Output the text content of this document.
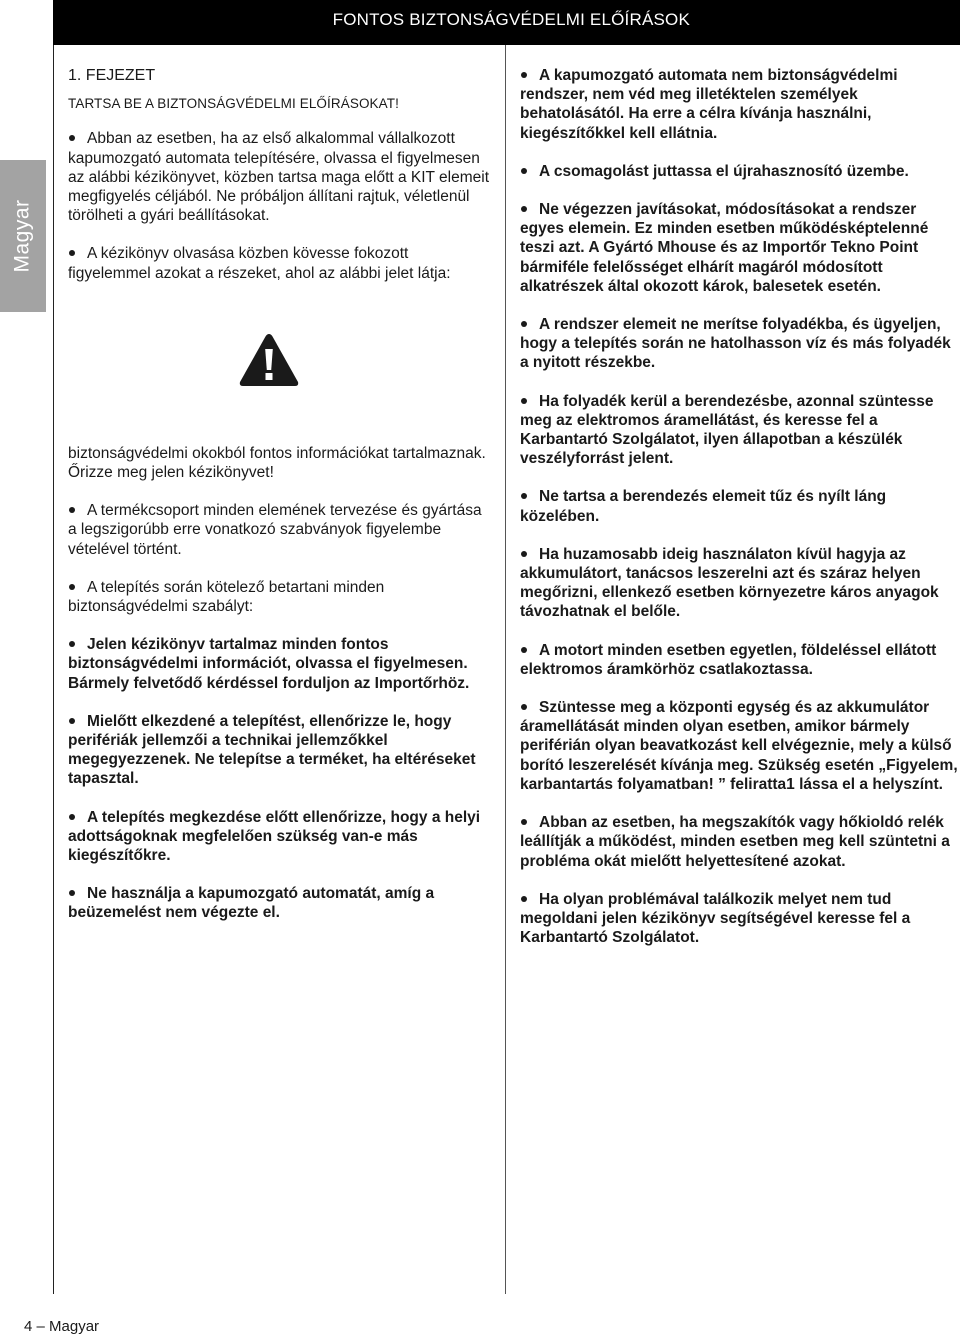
FONTOS BIZTONSÁGVÉDELMI ELŐÍRÁSOK
Magyar
1. FEJEZET
TARTSA BE A BIZTONSÁGVÉDELMI ELŐÍRÁSOKAT!
Abban az esetben, ha az első alkalommal vállalkozott kapumozgató automata telepítésére, olvassa el figyelmesen az alábbi kézikönyvet, közben tartsa maga előtt a KIT elemeit megfigyelés céljából. Ne próbáljon állítani rajtuk, véletlenül törölheti a gyári beállításokat.
A kézikönyv olvasása közben kövesse fokozott figyelemmel azokat a részeket, ahol az alábbi jelet látja:
biztonságvédelmi okokból fontos információkat tartalmaznak.
Őrizze meg jelen kézikönyvet!
A termékcsoport minden elemének tervezése és gyártása a legszigorúbb erre vonatkozó szabványok figyelembe vételével történt.
A telepítés során kötelező betartani minden biztonságvédelmi szabályt:
Jelen kézikönyv tartalmaz minden fontos biztonságvédelmi információt, olvassa el figyelmesen. Bármely felvetődő kérdéssel forduljon az Importőrhöz.
Mielőtt elkezdené a telepítést, ellenőrizze le, hogy perifériák jellemzői a technikai jellemzőkkel megegyezzenek. Ne telepítse a terméket, ha eltéréseket tapasztal.
A telepítés megkezdése előtt ellenőrizze, hogy a helyi adottságoknak megfelelően szükség van-e más kiegészítőkre.
Ne használja a kapumozgató automatát, amíg a beüzemelést nem végezte el.
A kapumozgató automata nem biztonságvédelmi rendszer, nem véd meg illetéktelen személyek behatolásától. Ha erre a célra kívánja használni, kiegészítőkkel kell ellátnia.
A csomagolást juttassa el újrahasznosító üzembe.
Ne végezzen javításokat, módosításokat a rendszer egyes elemein. Ez minden esetben működésképtelenné teszi azt. A Gyártó Mhouse és az Importőr Tekno Point bármiféle felelősséget elhárít magáról módosított alkatrészek által okozott károk, balesetek esetén.
A rendszer elemeit ne merítse folyadékba, és ügyeljen, hogy a telepítés során ne hatolhasson víz és más folyadék a nyitott részekbe.
Ha folyadék kerül a berendezésbe, azonnal szüntesse meg az elektromos áramellátást, és keresse fel a Karbantartó Szolgálatot, ilyen állapotban a készülék veszélyforrást jelent.
Ne tartsa a berendezés elemeit tűz és nyílt láng közelében.
Ha huzamosabb ideig használaton kívül hagyja az akkumulátort, tanácsos leszerelni azt és száraz helyen megőrizni, ellenkező esetben környezetre káros anyagok távozhatnak el belőle.
A motort minden esetben egyetlen, földeléssel ellátott elektromos áramkörhöz csatlakoztassa.
Szüntesse meg a központi egység és az akkumulátor áramellátását minden olyan esetben, amikor bármely periférián olyan beavatkozást kell elvégeznie, mely a külső borító leszerelését kívánja meg. Szükség esetén „Figyelem, karbantartás folyamatban! ” feliratta1 lássa el a helyszínt.
Abban az esetben, ha megszakítók vagy hőkioldó relék leállítják a működést, minden esetben meg kell szüntetni a probléma okát mielőtt helyettesítené azokat.
Ha olyan problémával találkozik melyet nem tud megoldani jelen kézikönyv segítségével keresse fel a Karbantartó Szolgálatot.
4 – Magyar
